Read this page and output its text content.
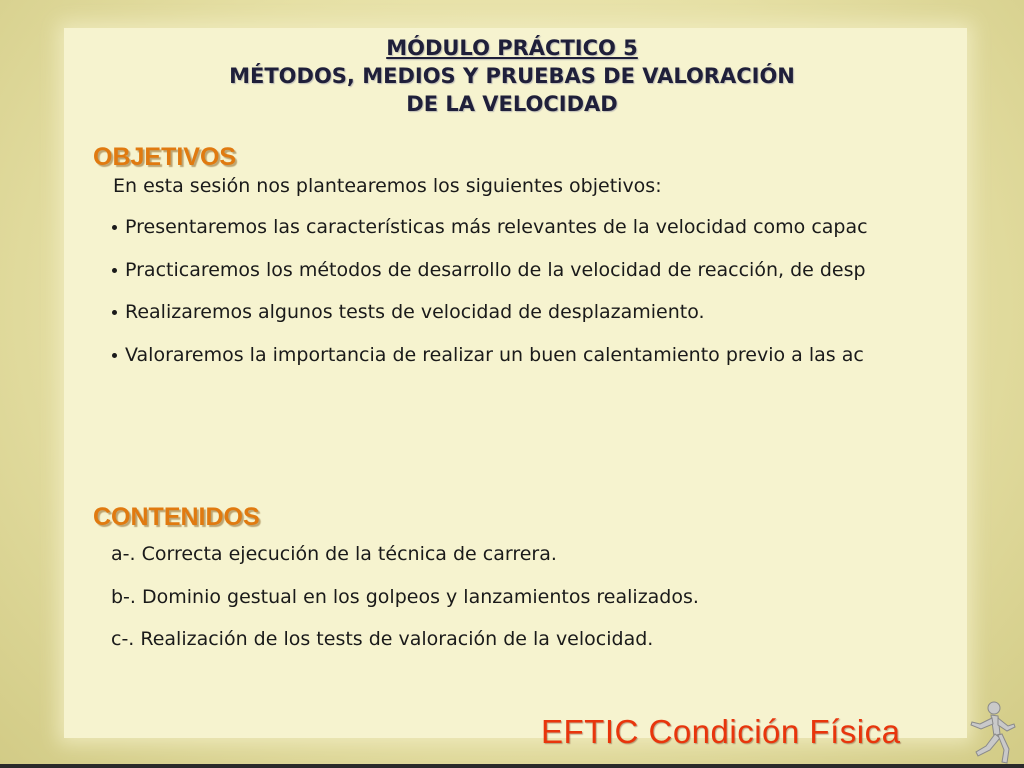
MÓDULO PRÁCTICO 5
MÉTODOS, MEDIOS Y PRUEBAS DE VALORACIÓN
DE LA VELOCIDAD
OBJETIVOS
En esta sesión nos plantearemos los siguientes objetivos:
Presentaremos las características más relevantes de la velocidad como capac
Practicaremos los métodos de desarrollo de la velocidad de reacción, de desp
Realizaremos algunos tests de velocidad de desplazamiento.
Valoraremos la importancia de realizar un buen calentamiento previo a las ac
CONTENIDOS
a-. Correcta ejecución de la técnica de carrera.
b-. Dominio gestual en los golpeos y lanzamientos realizados.
c-. Realización de los tests de valoración de la velocidad.
EFTIC Condición Física
